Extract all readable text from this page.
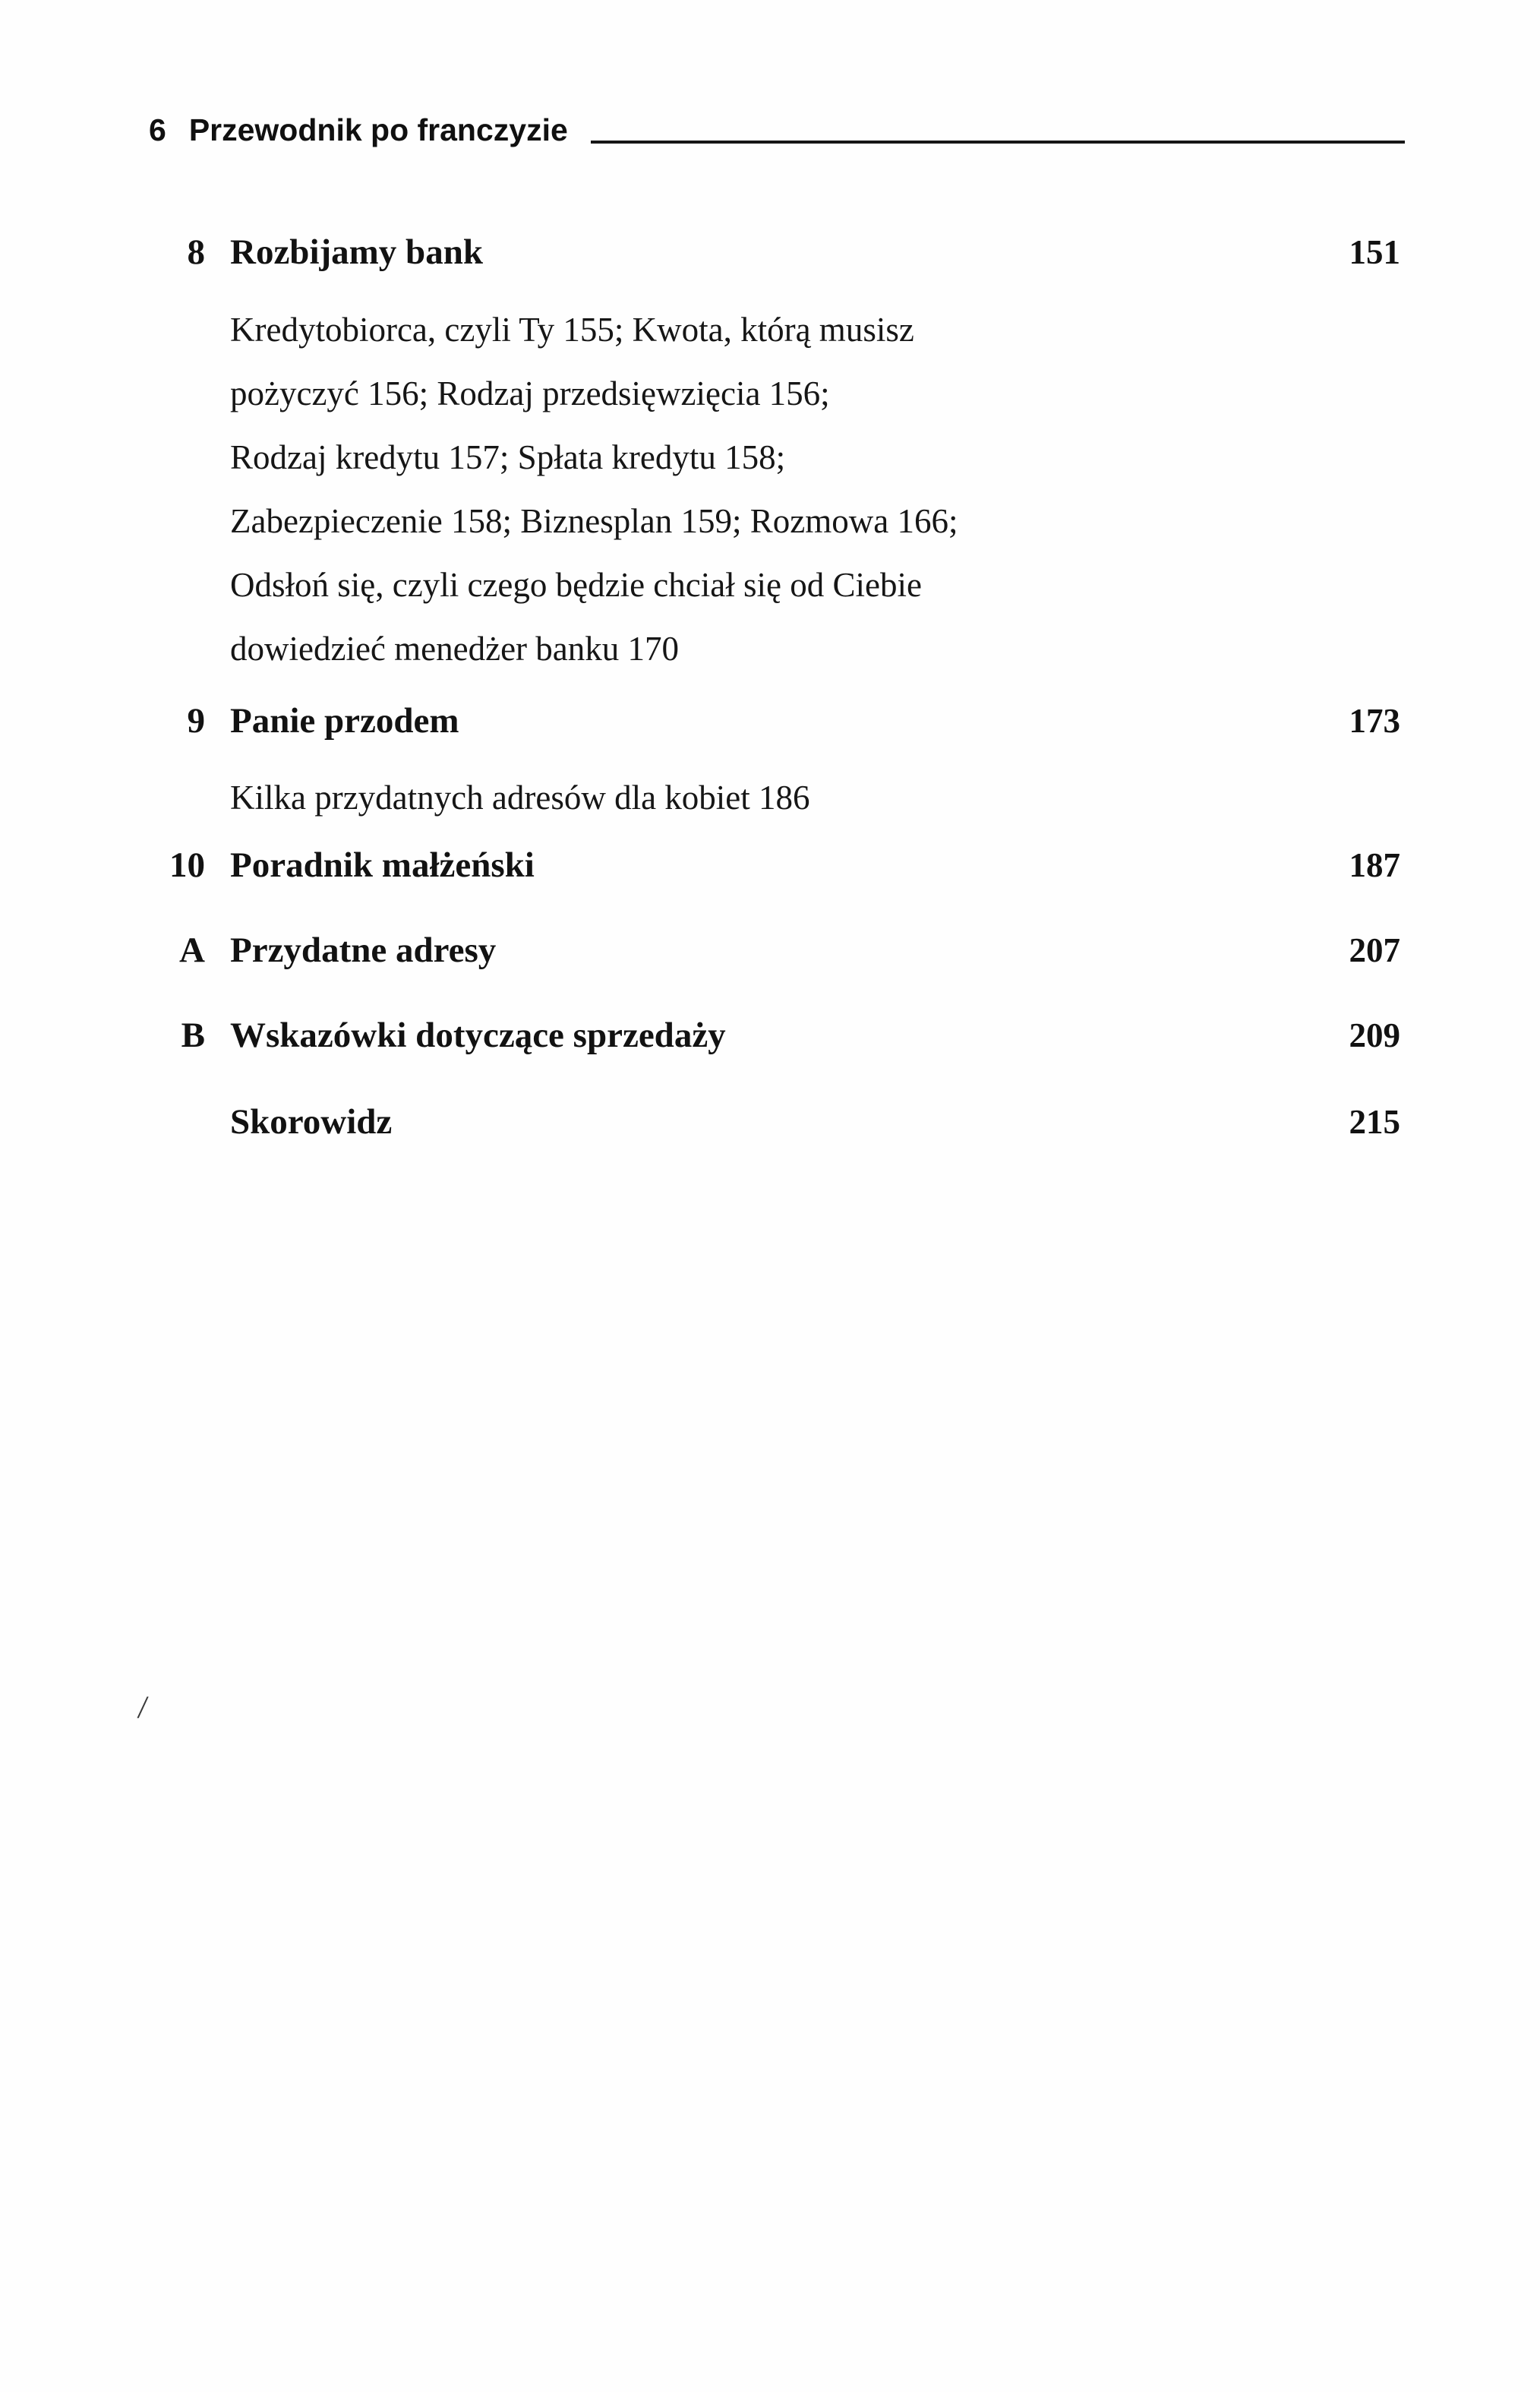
6 Przewodnik po franczyzie
8 Rozbijamy bank	151
Kredytobiorca, czyli Ty 155; Kwota, którą musisz
pożyczyć 156; Rodzaj przedsięwzięcia 156;
Rodzaj kredytu 157; Spłata kredytu 158;
Zabezpieczenie 158; Biznesplan 159; Rozmowa 166;
Odsłoń się, czyli czego będzie chciał się od Ciebie
dowiedzieć menedżer banku 170
9 Panie przodem	173
Kilka przydatnych adresów dla kobiet 186
10 Poradnik małżeński	187
A Przydatne adresy	207
B Wskazówki dotyczące sprzedaży	209
Skorowidz	215
/
